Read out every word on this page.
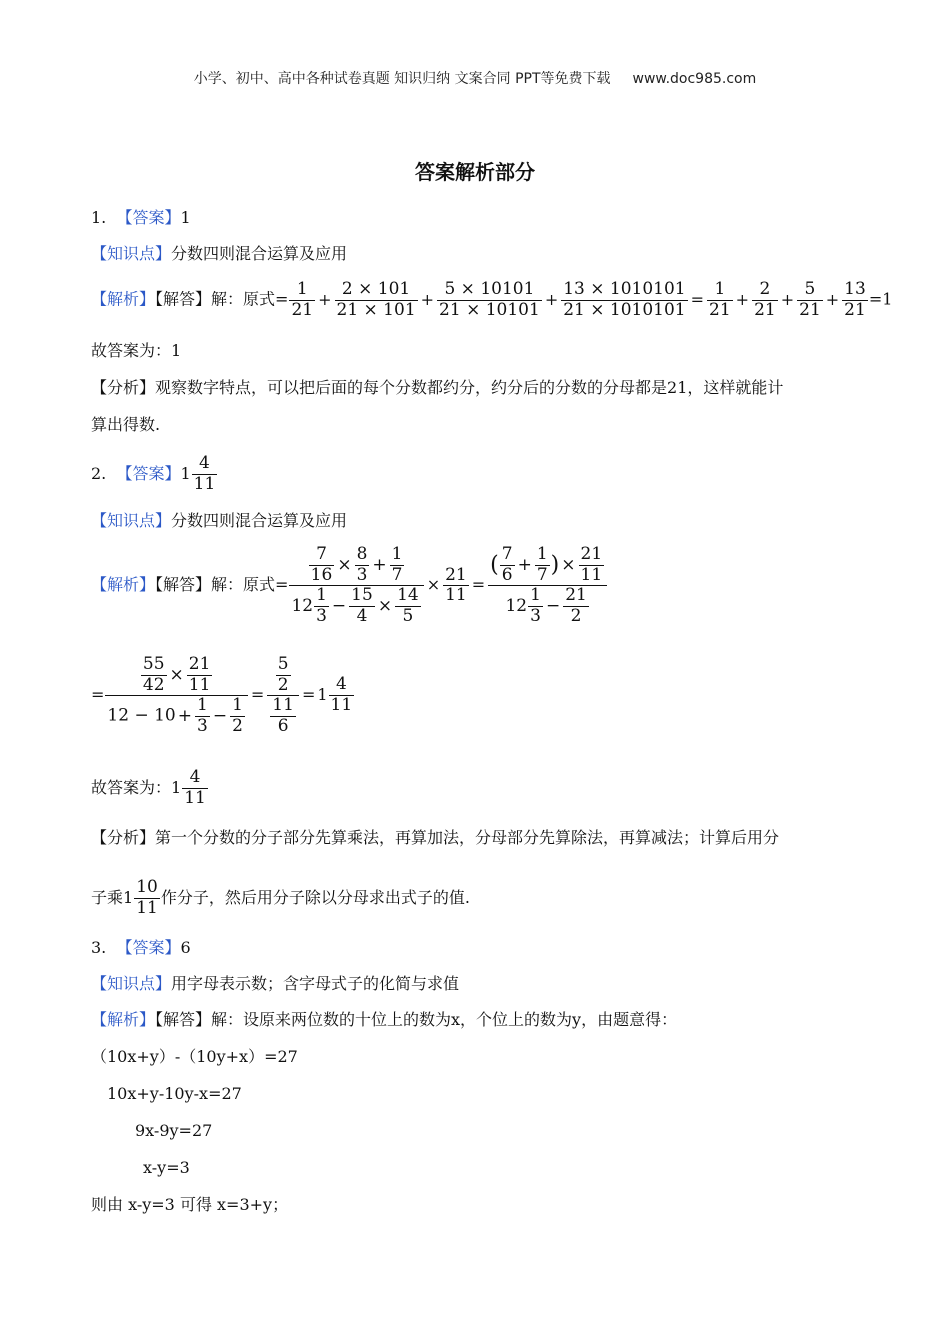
小学、初中、高中各种试卷真题 知识归纳 文案合同 PPT等免费下载 www.doc985.com
答案解析部分
1. 【答案】1
【知识点】分数四则混合运算及应用
【解析】【解答】解：原式= $\frac{1}{21} + \frac{2 \times 101}{21 \times 101} + \frac{5 \times 10101}{21 \times 10101} + \frac{13 \times 1010101}{21 \times 1010101} = \frac{1}{21} + \frac{2}{21} + \frac{5}{21} + \frac{13}{21} =1$
故答案为：1
【分析】观察数字特点，可以把后面的每个分数都约分，约分后的分数的分母都是21，这样就能计
算出得数.
2. 【答案】 $1 \frac{4}{11}$
【知识点】分数四则混合运算及应用
【解析】【解答】解：原式= $\frac{\frac{7}{16} \times \frac{8}{3} + \frac{1}{7}}{12 \frac{1}{3} - \frac{15}{4} \times \frac{14}{5}} \times \frac{21}{11} = \frac{( \frac{7}{6} + \frac{1}{7} ) \times \frac{21}{11}}{12 \frac{1}{3} - \frac{21}{2}}$
= $\frac{\frac{55}{42} \times \frac{21}{11}}{12 - 10 + \frac{1}{3} - \frac{1}{2}} = \frac{\frac{5}{2}}{\frac{11}{6}} = 1 \frac{4}{11}$
故答案为： $1 \frac{4}{11}$
【分析】第一个分数的分子部分先算乘法，再算加法，分母部分先算除法，再算减法；计算后用分
子乘 $1 \frac{10}{11}$ 作分子，然后用分子除以分母求出式子的值.
3. 【答案】6
【知识点】用字母表示数；含字母式子的化简与求值
【解析】【解答】解：设原来两位数的十位上的数为x，个位上的数为y，由题意得：
（10x+y）-（10y+x）=27
10x+y-10y-x=27
9x-9y=27
x-y=3
则由 x-y=3 可得 x=3+y；
